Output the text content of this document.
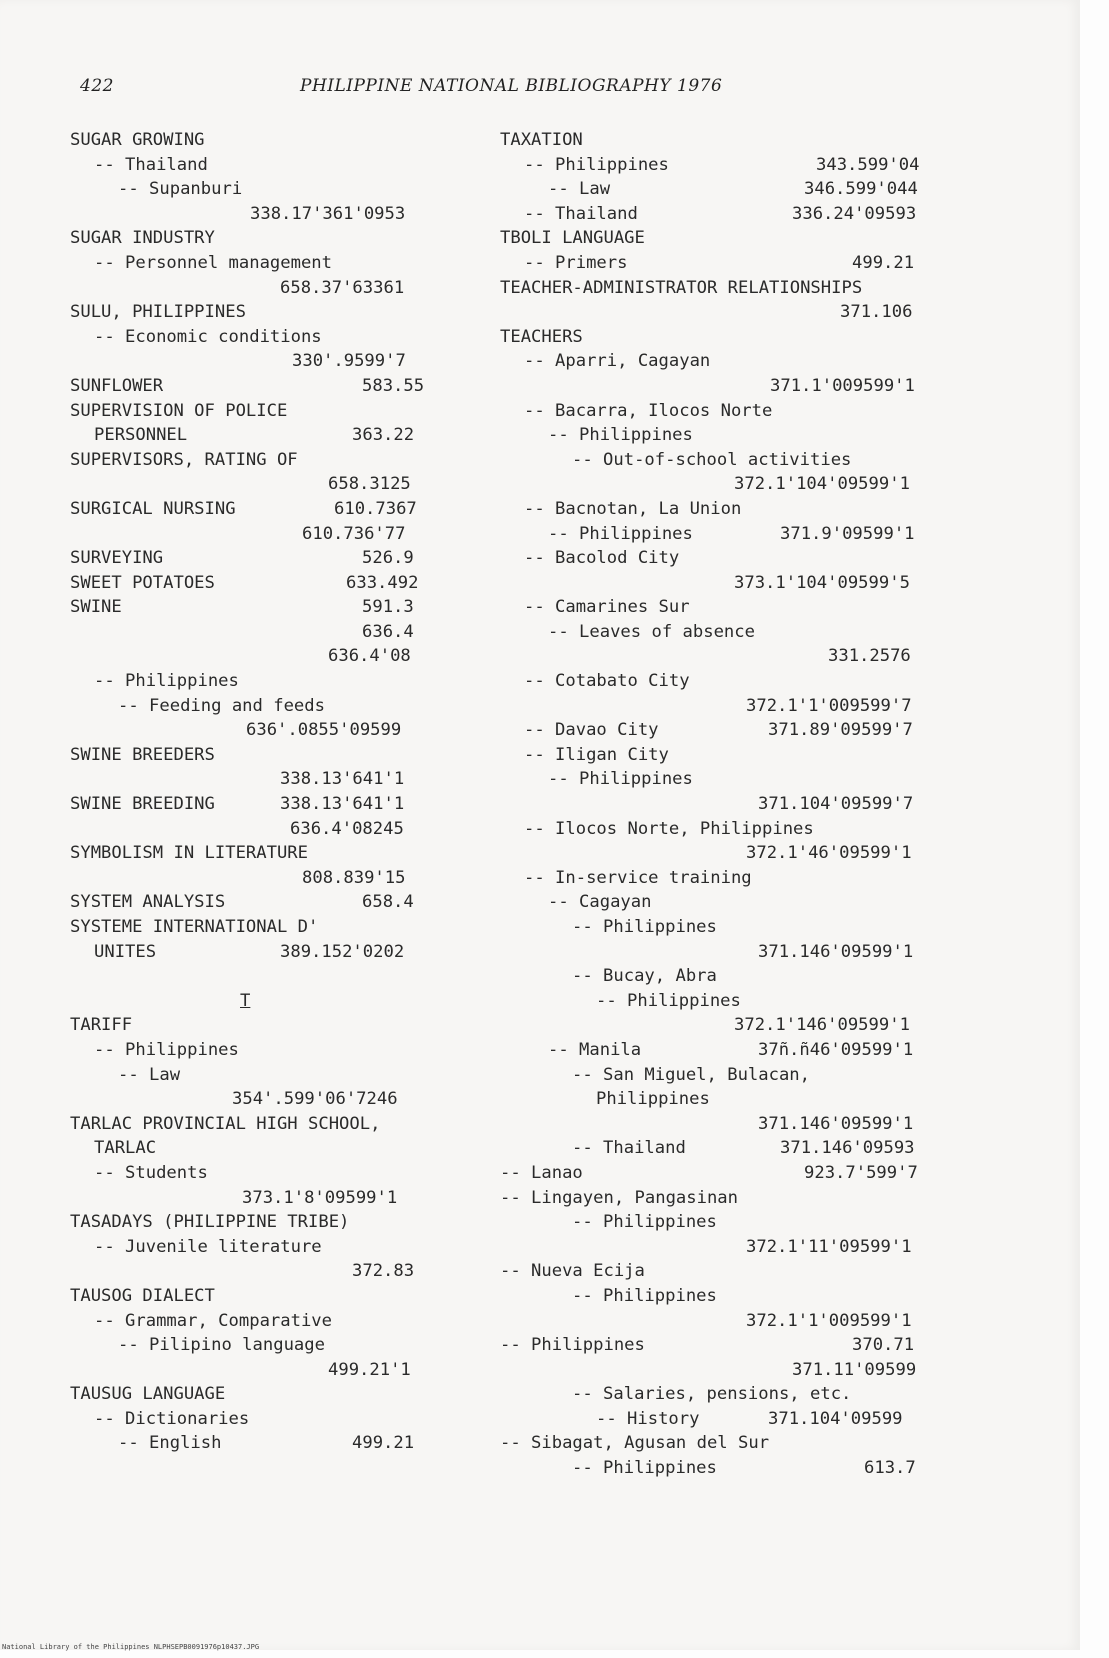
422	PHILIPPINE NATIONAL BIBLIOGRAPHY 1976
SUGAR GROWING
-- Thailand
-- Supanburi
338.17'361'0953
SUGAR INDUSTRY
-- Personnel management
658.37'63361
SULU, PHILIPPINES
-- Economic conditions
330'.9599'7
SUNFLOWER	583.55
SUPERVISION OF POLICE
PERSONNEL	363.22
SUPERVISORS, RATING OF
658.3125
SURGICAL NURSING	610.7367
610.736'77
SURVEYING	526.9
SWEET POTATOES	633.492
SWINE	591.3
636.4
636.4'08
-- Philippines
-- Feeding and feeds
636'.0855'09599
SWINE BREEDERS
338.13'641'1
SWINE BREEDING	338.13'641'1
636.4'08245
SYMBOLISM IN LITERATURE
808.839'15
SYSTEM ANALYSIS	658.4
SYSTEME INTERNATIONAL D'
UNITES	389.152'0202
T
TARIFF
-- Philippines
-- Law
354'.599'06'7246
TARLAC PROVINCIAL HIGH SCHOOL,
TARLAC
-- Students
373.1'8'09599'1
TASADAYS (PHILIPPINE TRIBE)
-- Juvenile literature
372.83
TAUSOG DIALECT
-- Grammar, Comparative
-- Pilipino language
499.21'1
TAUSUG LANGUAGE
-- Dictionaries
-- English	499.21
TAXATION
-- Philippines	343.599'04
-- Law	346.599'044
-- Thailand	336.24'09593
TBOLI LANGUAGE
-- Primers	499.21
TEACHER-ADMINISTRATOR RELATIONSHIPS
371.106
TEACHERS
-- Aparri, Cagayan
371.1'009599'1
-- Bacarra, Ilocos Norte
-- Philippines
-- Out-of-school activities
372.1'104'09599'1
-- Bacnotan, La Union
-- Philippines	371.9'09599'1
-- Bacolod City
373.1'104'09599'5
-- Camarines Sur
-- Leaves of absence
331.2576
-- Cotabato City
372.1'1'009599'7
-- Davao City	371.89'09599'7
-- Iligan City
-- Philippines
371.104'09599'7
-- Ilocos Norte, Philippines
372.1'46'09599'1
-- In-service training
-- Cagayan
-- Philippines
371.146'09599'1
-- Bucay, Abra
-- Philippines
372.1'146'09599'1
-- Manila	37ñ.ñ46'09599'1
-- San Miguel, Bulacan,
Philippines
371.146'09599'1
-- Thailand	371.146'09593
-- Lanao	923.7'599'7
-- Lingayen, Pangasinan
-- Philippines
372.1'11'09599'1
-- Nueva Ecija
-- Philippines
372.1'1'009599'1
-- Philippines	370.71
371.11'09599
-- Salaries, pensions, etc.
-- History	371.104'09599
-- Sibagat, Agusan del Sur
-- Philippines	613.7
National Library of the Philippines NLPHSEPB0091976p10437.JPG
